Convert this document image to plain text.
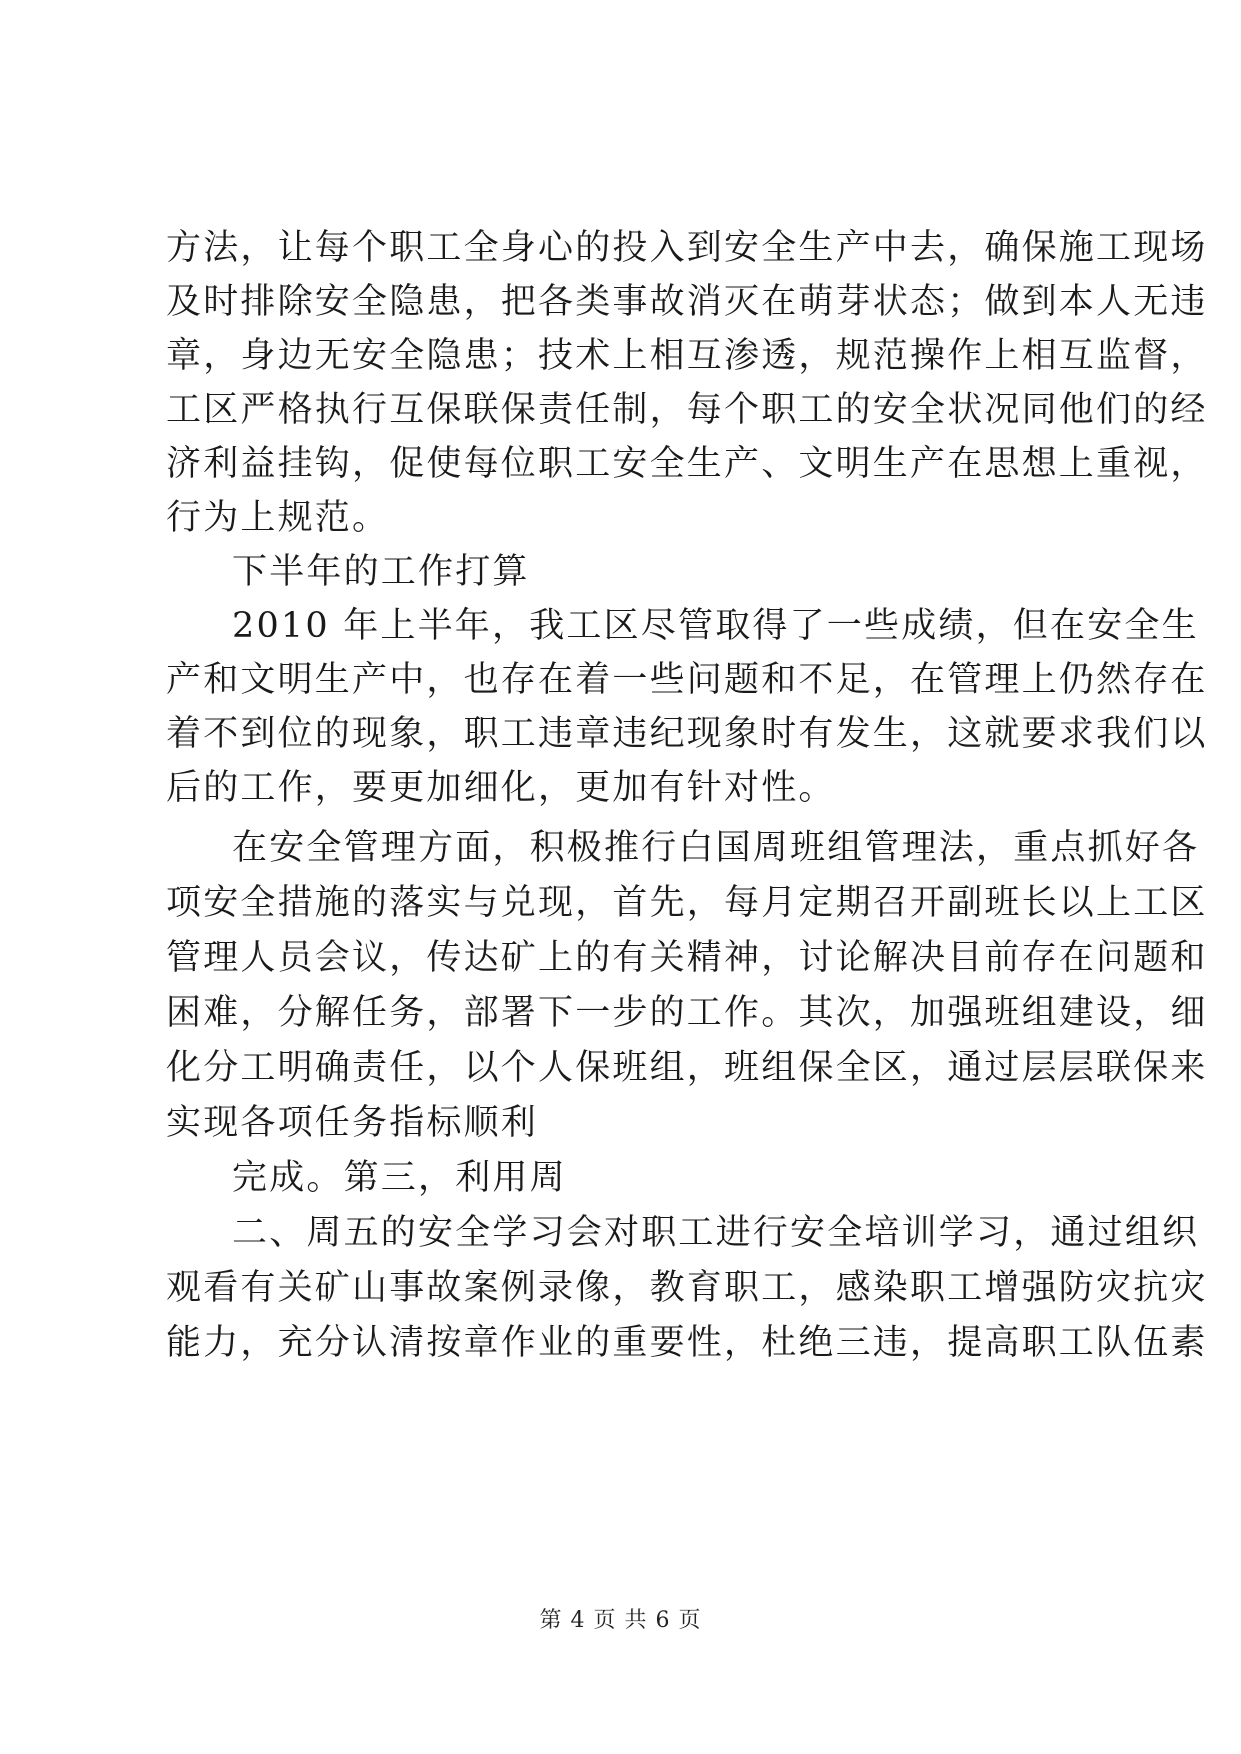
方法，让每个职工全身心的投入到安全生产中去，确保施工现场
及时排除安全隐患，把各类事故消灭在萌芽状态；做到本人无违
章，身边无安全隐患；技术上相互渗透，规范操作上相互监督，
工区严格执行互保联保责任制，每个职工的安全状况同他们的经
济利益挂钩，促使每位职工安全生产、文明生产在思想上重视，
行为上规范。
下半年的工作打算
2010 年上半年，我工区尽管取得了一些成绩，但在安全生
产和文明生产中，也存在着一些问题和不足，在管理上仍然存在
着不到位的现象，职工违章违纪现象时有发生，这就要求我们以
后的工作，要更加细化，更加有针对性。
在安全管理方面，积极推行白国周班组管理法，重点抓好各
项安全措施的落实与兑现，首先，每月定期召开副班长以上工区
管理人员会议，传达矿上的有关精神，讨论解决目前存在问题和
困难，分解任务，部署下一步的工作。其次，加强班组建设，细
化分工明确责任，以个人保班组，班组保全区，通过层层联保来
实现各项任务指标顺利
完成。第三，利用周
二、周五的安全学习会对职工进行安全培训学习，通过组织
观看有关矿山事故案例录像，教育职工，感染职工增强防灾抗灾
能力，充分认清按章作业的重要性，杜绝三违，提高职工队伍素
第 4 页 共 6 页
